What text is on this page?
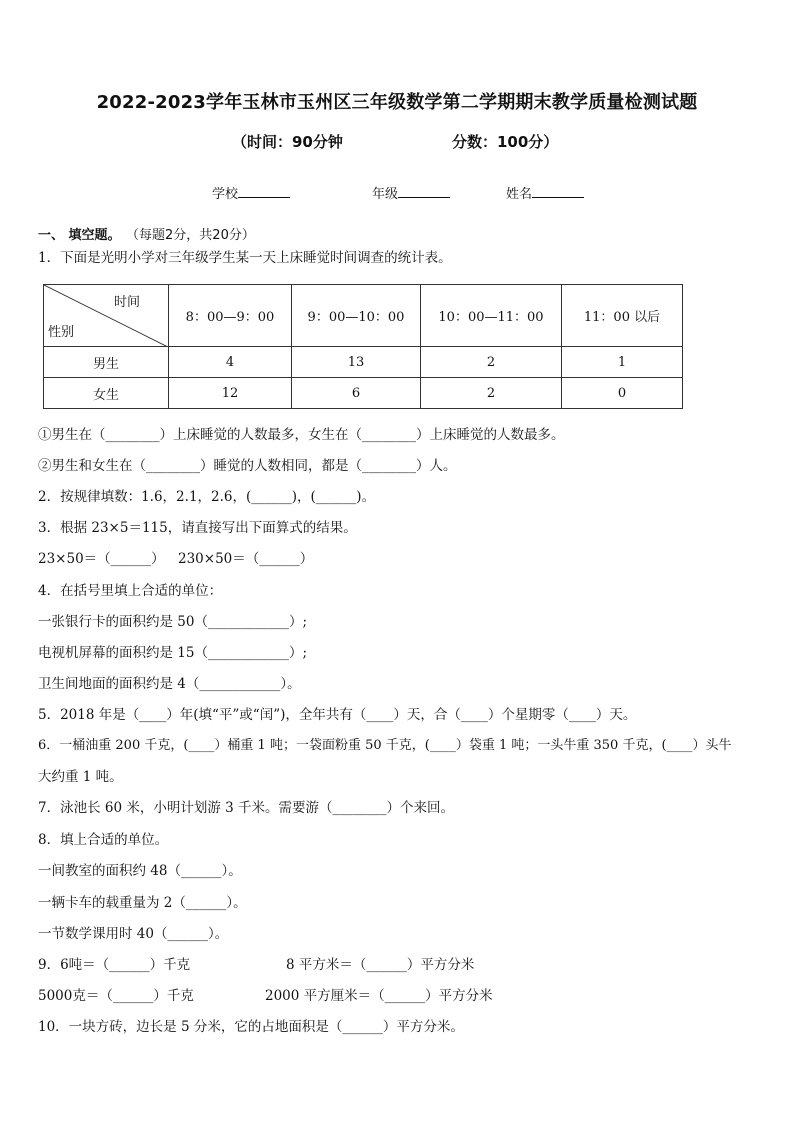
2022-2023学年玉林市玉州区三年级数学第二学期期末教学质量检测试题
（时间：90分钟	分数：100分）
学校	年级	姓名
一、 填空题。 （每题2分，共20分）
1．下面是光明小学对三年级学生某一天上床睡觉时间调查的统计表。
时间
性别	8：00—9：00	9：00—10：00	10：00—11：00	11：00 以后
男生	4	13	2	1
女生	12	6	2	0
①男生在（________）上床睡觉的人数最多，女生在（________）上床睡觉的人数最多。
②男生和女生在（________）睡觉的人数相同，都是（________）人。
2．按规律填数：1.6，2.1，2.6，(______)，(______)。
3．根据 23×5＝115，请直接写出下面算式的结果。
23×50＝（______） 230×50＝（______）
4．在括号里填上合适的单位：
一张银行卡的面积约是 50（____________）;
电视机屏幕的面积约是 15（____________）;
卫生间地面的面积约是 4（____________）。
5．2018 年是（____）年(填“平”或“闰”)，全年共有（____）天，合（____）个星期零（____）天。
6．一桶油重 200 千克，(____）桶重 1 吨；一袋面粉重 50 千克，(____）袋重 1 吨；一头牛重 350 千克，(____）头牛
大约重 1 吨。
7．泳池长 60 米，小明计划游 3 千米。需要游（________）个来回。
8．填上合适的单位。
一间教室的面积约 48（______）。
一辆卡车的载重量为 2（______）。
一节数学课用时 40（______）。
9．6吨＝（______）千克	8 平方米＝（______）平方分米
5000克＝（______）千克	2000 平方厘米＝（______）平方分米
10．一块方砖，边长是 5 分米，它的占地面积是（______）平方分米。
